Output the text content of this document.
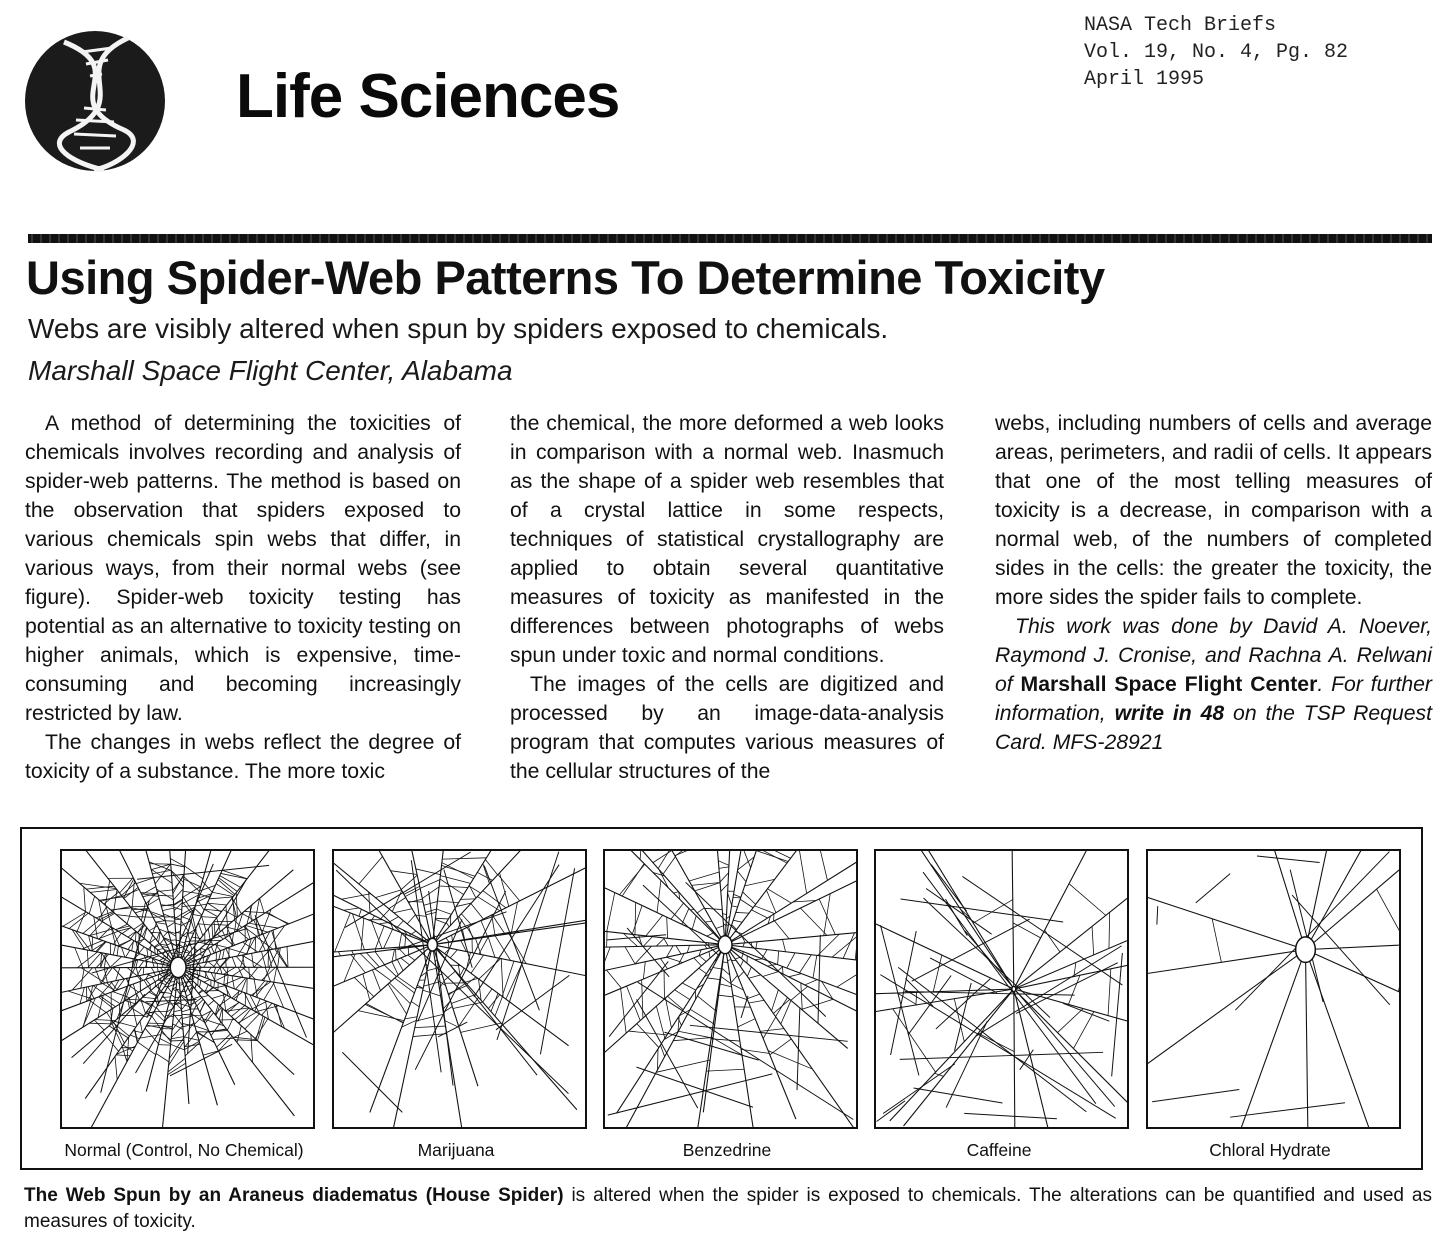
Life Sciences
NASA Tech Briefs
Vol. 19, No. 4, Pg. 82
April 1995
Using Spider-Web Patterns To Determine Toxicity
Webs are visibly altered when spun by spiders exposed to chemicals.
Marshall Space Flight Center, Alabama

A method of determining the toxicities of chemicals involves recording and analysis of spider-web patterns. The method is based on the observation that spiders exposed to various chemicals spin webs that differ, in various ways, from their normal webs (see figure). Spider-web toxicity testing has potential as an alternative to toxicity testing on higher animals, which is expensive, time-consuming and becoming increasingly restricted by law.

The changes in webs reflect the degree of toxicity of a substance. The more toxic

the chemical, the more deformed a web looks in comparison with a normal web. Inasmuch as the shape of a spider web resembles that of a crystal lattice in some respects, techniques of statistical crystallography are applied to obtain several quantitative measures of toxicity as manifested in the differences between photographs of webs spun under toxic and normal conditions.

The images of the cells are digitized and processed by an image-data-analysis program that computes various measures of the cellular structures of the

webs, including numbers of cells and average areas, perimeters, and radii of cells. It appears that one of the most telling measures of toxicity is a decrease, in comparison with a normal web, of the numbers of completed sides in the cells: the greater the toxicity, the more sides the spider fails to complete.

This work was done by David A. Noever, Raymond J. Cronise, and Rachna A. Relwani of Marshall Space Flight Center. For further information, write in 48 on the TSP Request Card. MFS-28921

Normal (Control, No Chemical)	Marijuana	Benzedrine	Caffeine	Chloral Hydrate
The Web Spun by an Araneus diadematus (House Spider) is altered when the spider is exposed to chemicals. The alterations can be quantified and used as measures of toxicity.
